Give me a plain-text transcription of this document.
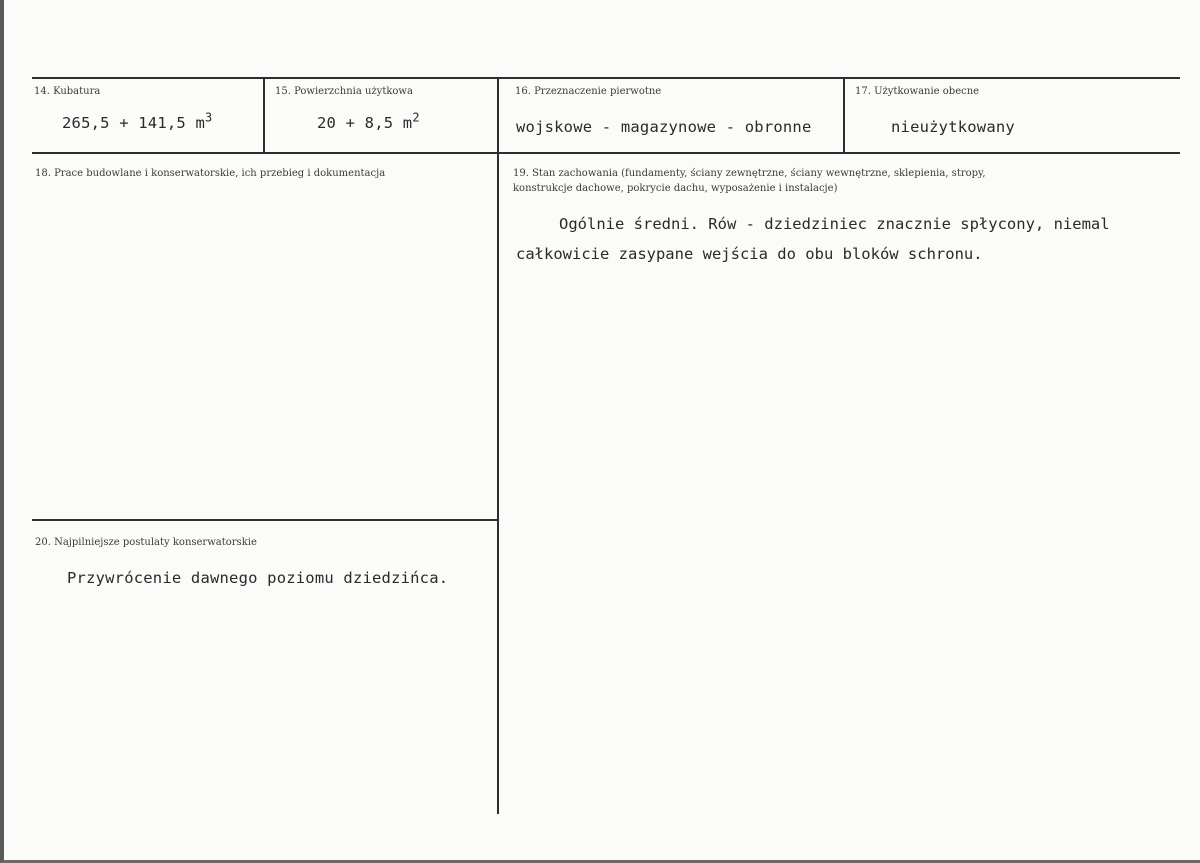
14. Kubatura
265,5 + 141,5 $m^3$
15. Powierzchnia użytkowa
20 + 8,5 $m^2$
16. Przeznaczenie pierwotne
wojskowe - magazynowe - obronne
17. Użytkowanie obecne
nieużytkowany
18. Prace budowlane i konserwatorskie, ich przebieg i dokumentacja	19. Stan zachowania (fundamenty, ściany zewnętrzne, ściany wewnętrzne, sklepienia, stropy,
konstrukcje dachowe, pokrycie dachu, wyposażenie i instalacje)
Ogólnie średni. Rów - dziedziniec znacznie spłycony, niemal
całkowicie zasypane wejścia do obu bloków schronu.
20. Najpilniejsze postulaty konserwatorskie
Przywrócenie dawnego poziomu dziedzińca.
